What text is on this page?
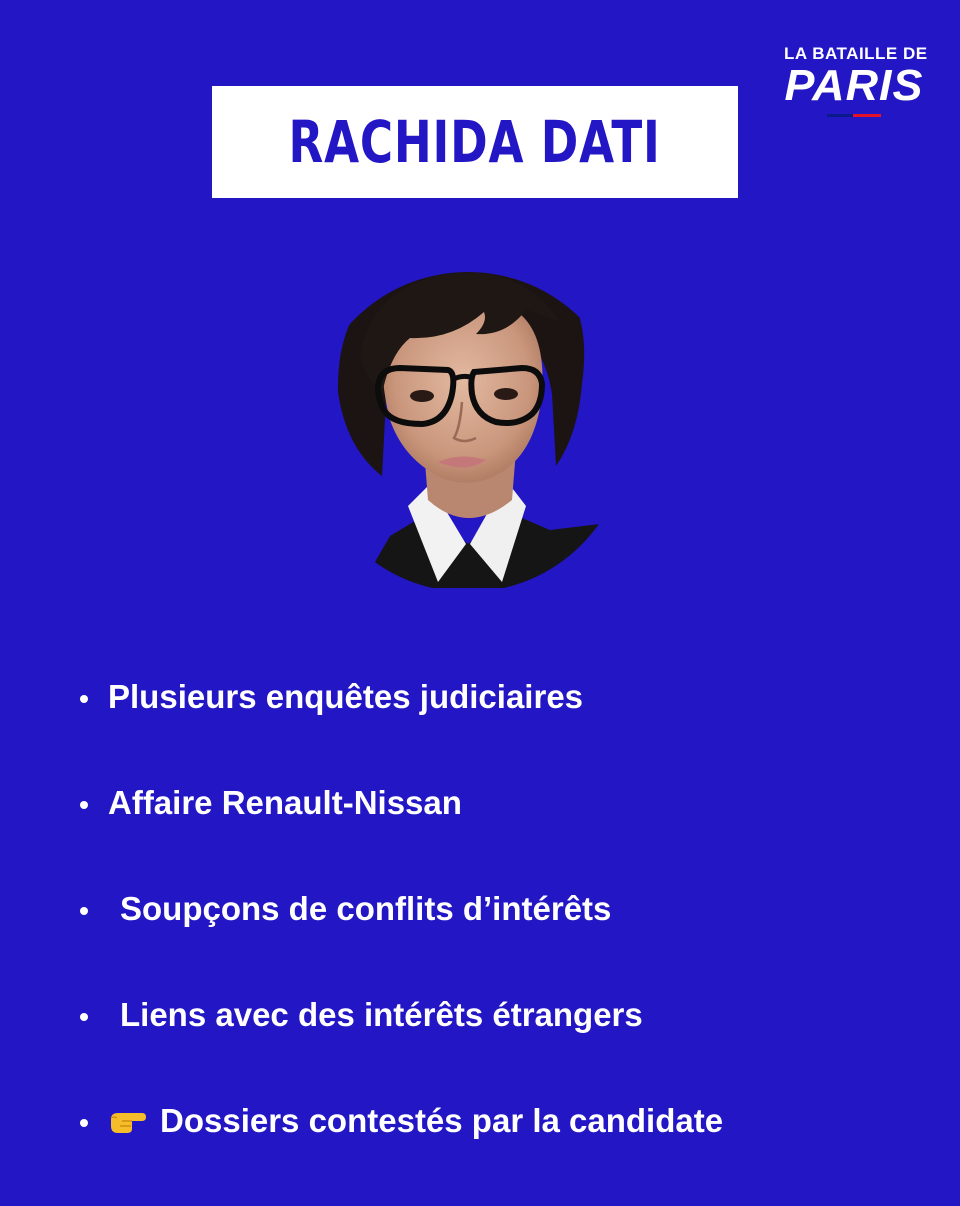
LA BATAILLE DE
PARIS
RACHIDA DATI
Plusieurs enquêtes judiciaires
Affaire Renault-Nissan
Soupçons de conflits d’intérêts
Liens avec des intérêts étrangers
Dossiers contestés par la candidate
